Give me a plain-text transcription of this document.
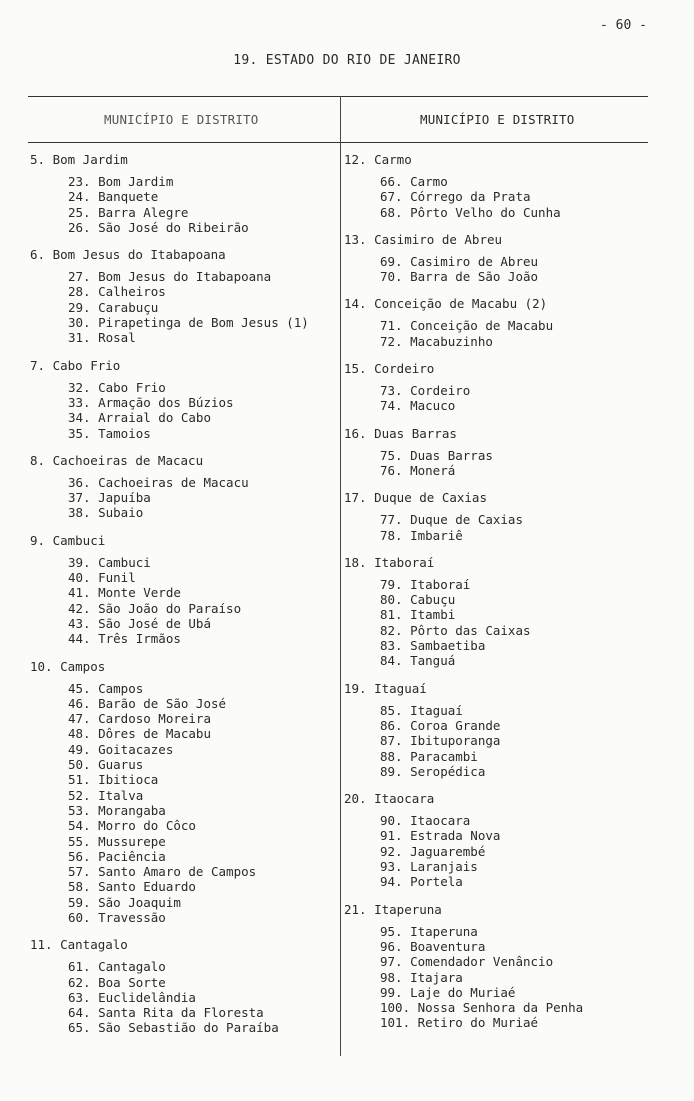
- 60 -
19. ESTADO DO RIO DE JANEIRO
MUNICÍPIO E DISTRITO	MUNICÍPIO E DISTRITO
5. Bom Jardim
23. Bom Jardim
24. Banquete
25. Barra Alegre
26. São José do Ribeirão
6. Bom Jesus do Itabapoana
27. Bom Jesus do Itabapoana
28. Calheiros
29. Carabuçu
30. Pirapetinga de Bom Jesus (1)
31. Rosal
7. Cabo Frio
32. Cabo Frio
33. Armação dos Búzios
34. Arraial do Cabo
35. Tamoios
8. Cachoeiras de Macacu
36. Cachoeiras de Macacu
37. Japuíba
38. Subaio
9. Cambuci
39. Cambuci
40. Funil
41. Monte Verde
42. São João do Paraíso
43. São José de Ubá
44. Três Irmãos
10. Campos
45. Campos
46. Barão de São José
47. Cardoso Moreira
48. Dôres de Macabu
49. Goitacazes
50. Guarus
51. Ibitioca
52. Italva
53. Morangaba
54. Morro do Côco
55. Mussurepe
56. Paciência
57. Santo Amaro de Campos
58. Santo Eduardo
59. São Joaquim
60. Travessão
11. Cantagalo
61. Cantagalo
62. Boa Sorte
63. Euclidelândia
64. Santa Rita da Floresta
65. São Sebastião do Paraíba
12. Carmo
66. Carmo
67. Córrego da Prata
68. Pôrto Velho do Cunha
13. Casimiro de Abreu
69. Casimiro de Abreu
70. Barra de São João
14. Conceição de Macabu (2)
71. Conceição de Macabu
72. Macabuzinho
15. Cordeiro
73. Cordeiro
74. Macuco
16. Duas Barras
75. Duas Barras
76. Monerá
17. Duque de Caxias
77. Duque de Caxias
78. Imbariê
18. Itaboraí
79. Itaboraí
80. Cabuçu
81. Itambi
82. Pôrto das Caixas
83. Sambaetiba
84. Tanguá
19. Itaguaí
85. Itaguaí
86. Coroa Grande
87. Ibituporanga
88. Paracambi
89. Seropédica
20. Itaocara
90. Itaocara
91. Estrada Nova
92. Jaguarembé
93. Laranjais
94. Portela
21. Itaperuna
95. Itaperuna
96. Boaventura
97. Comendador Venâncio
98. Itajara
99. Laje do Muriaé
100. Nossa Senhora da Penha
101. Retiro do Muriaé
